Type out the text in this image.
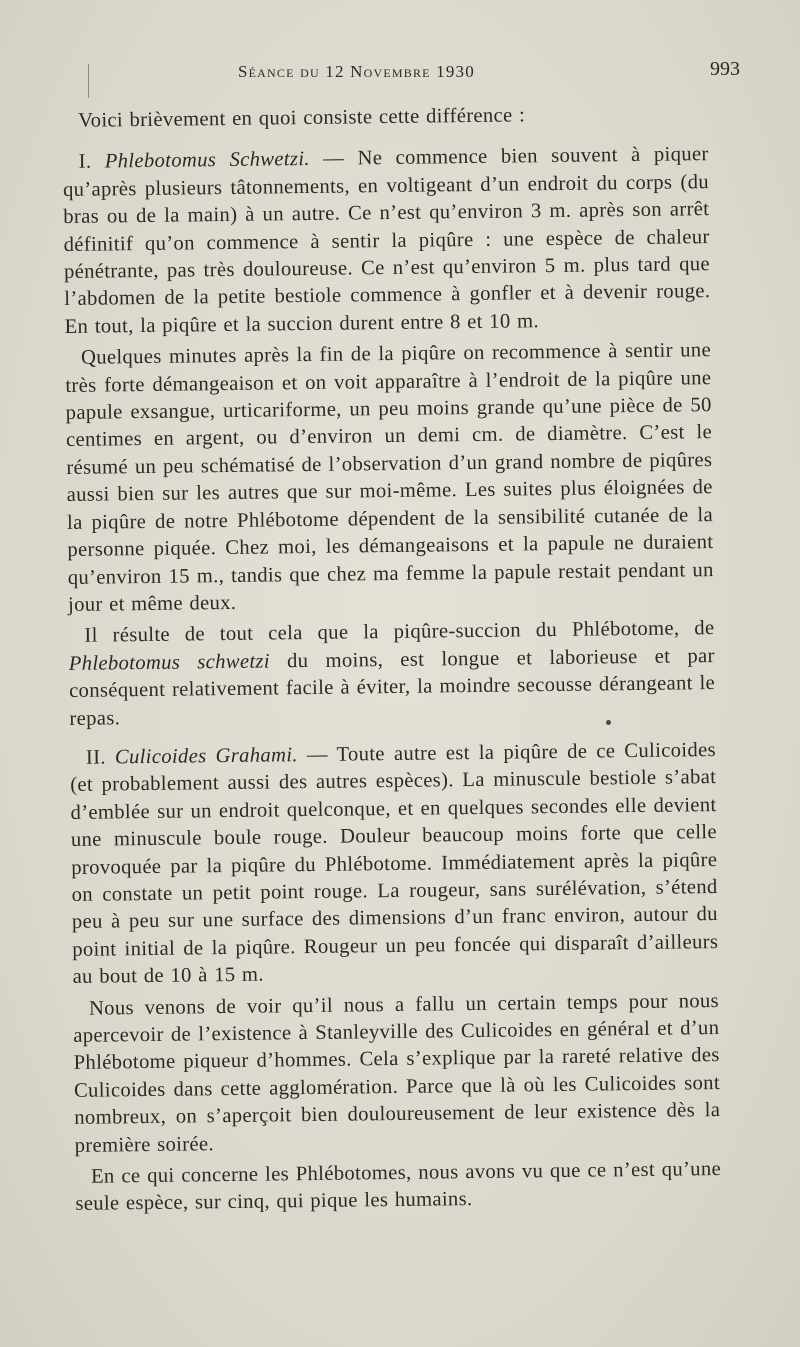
Séance du 12 Novembre 1930	993

Voici brièvement en quoi consiste cette différence :

I. Phlebotomus Schwetzi. — Ne commence bien souvent à piquer qu’après plusieurs tâtonnements, en voltigeant d’un endroit du corps (du bras ou de la main) à un autre. Ce n’est qu’environ 3 m. après son arrêt définitif qu’on commence à sentir la piqûre : une espèce de chaleur pénétrante, pas très douloureuse. Ce n’est qu’environ 5 m. plus tard que l’abdomen de la petite bestiole commence à gonfler et à devenir rouge. En tout, la piqûre et la succion durent entre 8 et 10 m.

Quelques minutes après la fin de la piqûre on recommence à sentir une très forte démangeaison et on voit apparaître à l’endroit de la piqûre une papule exsangue, urticariforme, un peu moins grande qu’une pièce de 50 centimes en argent, ou d’environ un demi cm. de diamètre. C’est le résumé un peu schématisé de l’observation d’un grand nombre de piqûres aussi bien sur les autres que sur moi-même. Les suites plus éloignées de la piqûre de notre Phlébotome dépendent de la sensibilité cutanée de la personne piquée. Chez moi, les démangeaisons et la papule ne duraient qu’environ 15 m., tandis que chez ma femme la papule restait pendant un jour et même deux.

Il résulte de tout cela que la piqûre-succion du Phlébotome, de Phlebotomus schwetzi du moins, est longue et laborieuse et par conséquent relativement facile à éviter, la moindre secousse dérangeant le repas.

II. Culicoides Grahami. — Toute autre est la piqûre de ce Culicoides (et probablement aussi des autres espèces). La minuscule bestiole s’abat d’emblée sur un endroit quelconque, et en quelques secondes elle devient une minuscule boule rouge. Douleur beaucoup moins forte que celle provoquée par la piqûre du Phlébotome. Immédiatement après la piqûre on constate un petit point rouge. La rougeur, sans surélévation, s’étend peu à peu sur une surface des dimensions d’un franc environ, autour du point initial de la piqûre. Rougeur un peu foncée qui disparaît d’ailleurs au bout de 10 à 15 m.

Nous venons de voir qu’il nous a fallu un certain temps pour nous apercevoir de l’existence à Stanleyville des Culicoides en général et d’un Phlébotome piqueur d’hommes. Cela s’explique par la rareté relative des Culicoides dans cette agglomération. Parce que là où les Culicoides sont nombreux, on s’aperçoit bien douloureusement de leur existence dès la première soirée.

En ce qui concerne les Phlébotomes, nous avons vu que ce n’est qu’une seule espèce, sur cinq, qui pique les humains.
